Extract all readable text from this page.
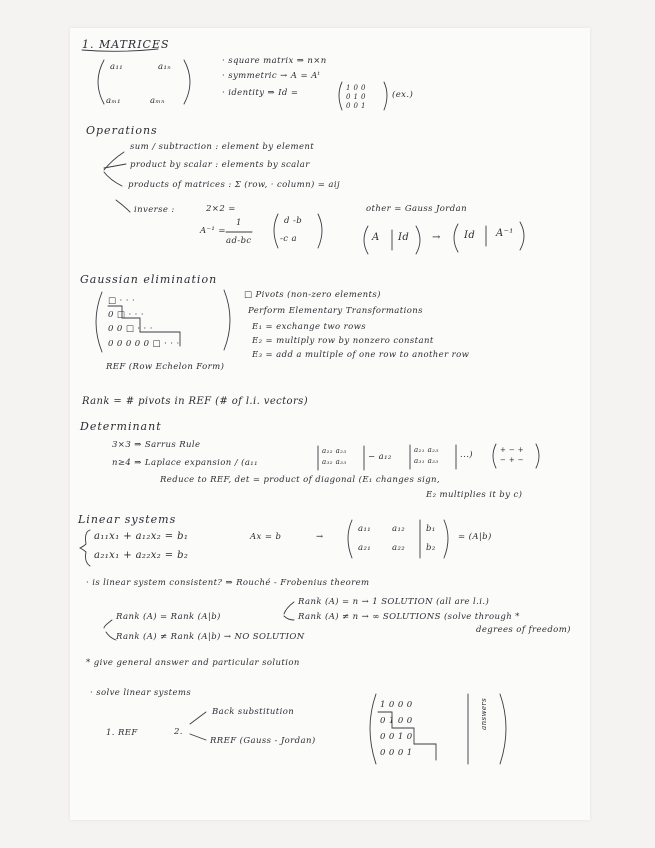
1. MATRICES
a₁₁	a₁ₙ
aₘ₁	aₘₙ
· square matrix ⇒ n×n
· symmetric → A = Aᵗ
· identity ⇒ Id =	1 0 0
0 1 0
0 0 1
(ex.)
Operations
sum / subtraction : element by element
product by scalar : elements by scalar
products of matrices : Σ (row, · column) = aij
inverse :	2×2 =
A⁻¹ =
1
ad-bc
d -b
-c a
other = Gauss Jordan
A Id → Id A⁻¹
Gaussian elimination
□ · · ·
0 □ · · ·
0 0 □ · · ·
0 0 0 0 0 □ · · ·
REF (Row Echelon Form)
□ Pivots (non-zero elements)
Perform Elementary Transformations
E₁ = exchange two rows
E₂ = multiply row by nonzero constant
E₃ = add a multiple of one row to another row
Rank = # pivots in REF (# of l.i. vectors)
Determinant
3×3 ⇒ Sarrus Rule
n≥4 ⇒ Laplace expansion / (a₁₁
a₂₂ a₂₃
a₃₂ a₃₃	− a₁₂
a₂₁ a₂₃
a₃₁ a₃₃
...)	+ − +
− + −
Reduce to REF, det = product of diagonal (E₁ changes sign,
E₂ multiplies it by c)
Linear systems
a₁₁x₁ + a₁₂x₂ = b₁
a₂₁x₁ + a₂₂x₂ = b₂
Ax = b	→
a₁₁ a₁₂ b₁
a₂₁ a₂₂ b₂
= (A|b)
· is linear system consistent? ⇒ Rouché - Frobenius theorem
Rank (A) = Rank (A|b)
Rank (A) = n → 1 SOLUTION (all are l.i.)
Rank (A) ≠ n → ∞ SOLUTIONS (solve through *
degrees of freedom)
Rank (A) ≠ Rank (A|b) → NO SOLUTION
* give general answer and particular solution
· solve linear systems
Back substitution
1. REF	2.
RREF (Gauss - Jordan)
1 0 0 0
0 1 0 0
0 0 1 0
0 0 0 1
answers
